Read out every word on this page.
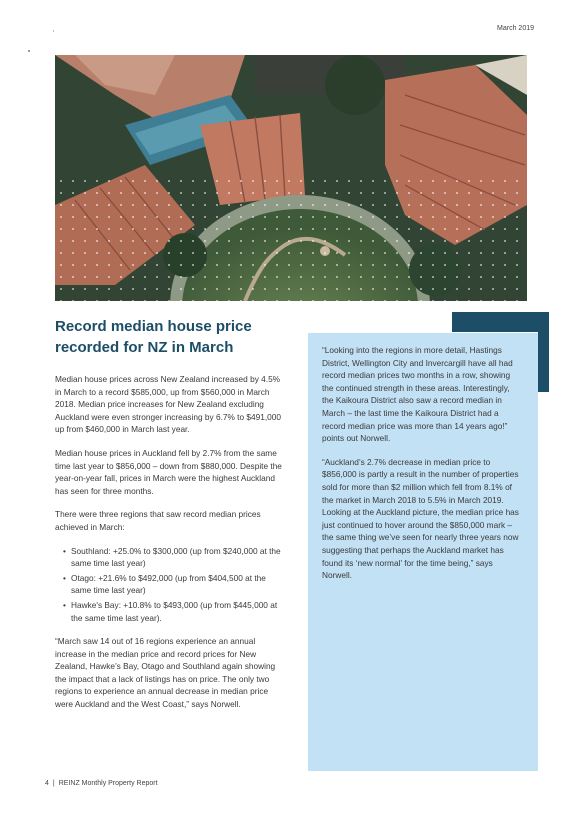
March 2019
Record median house price recorded for NZ in March

Median house prices across New Zealand increased by 4.5% in March to a record $585,000, up from $560,000 in March 2018. Median price increases for New Zealand excluding Auckland were even stronger increasing by 6.7% to $491,000 up from $460,000 in March last year.

Median house prices in Auckland fell by 2.7% from the same time last year to $856,000 – down from $880,000. Despite the year-on-year fall, prices in March were the highest Auckland has seen for three months.

There were three regions that saw record median prices achieved in March:

• Southland: +25.0% to $300,000 (up from $240,000 at the same time last year)
• Otago: +21.6% to $492,000 (up from $404,500 at the same time last year)
• Hawke's Bay: +10.8% to $493,000 (up from $445,000 at the same time last year).

“March saw 14 out of 16 regions experience an annual increase in the median price and record prices for New Zealand, Hawke’s Bay, Otago and Southland again showing the impact that a lack of listings has on price. The only two regions to experience an annual decrease in median price were Auckland and the West Coast,” says Norwell.

“Looking into the regions in more detail, Hastings District, Wellington City and Invercargill have all had record median prices two months in a row, showing the continued strength in these areas. Interestingly, the Kaikoura District also saw a record median in March – the last time the Kaikoura District had a record median price was more than 14 years ago!” points out Norwell.

“Auckland’s 2.7% decrease in median price to $856,000 is partly a result in the number of properties sold for more than $2 million which fell from 8.1% of the market in March 2018 to 5.5% in March 2019. Looking at the Auckland picture, the median price has just continued to hover around the $850,000 mark – the same thing we’ve seen for nearly three years now suggesting that perhaps the Auckland market has found its ‘new normal’ for the time being,” says Norwell.

4 | REINZ Monthly Property Report
